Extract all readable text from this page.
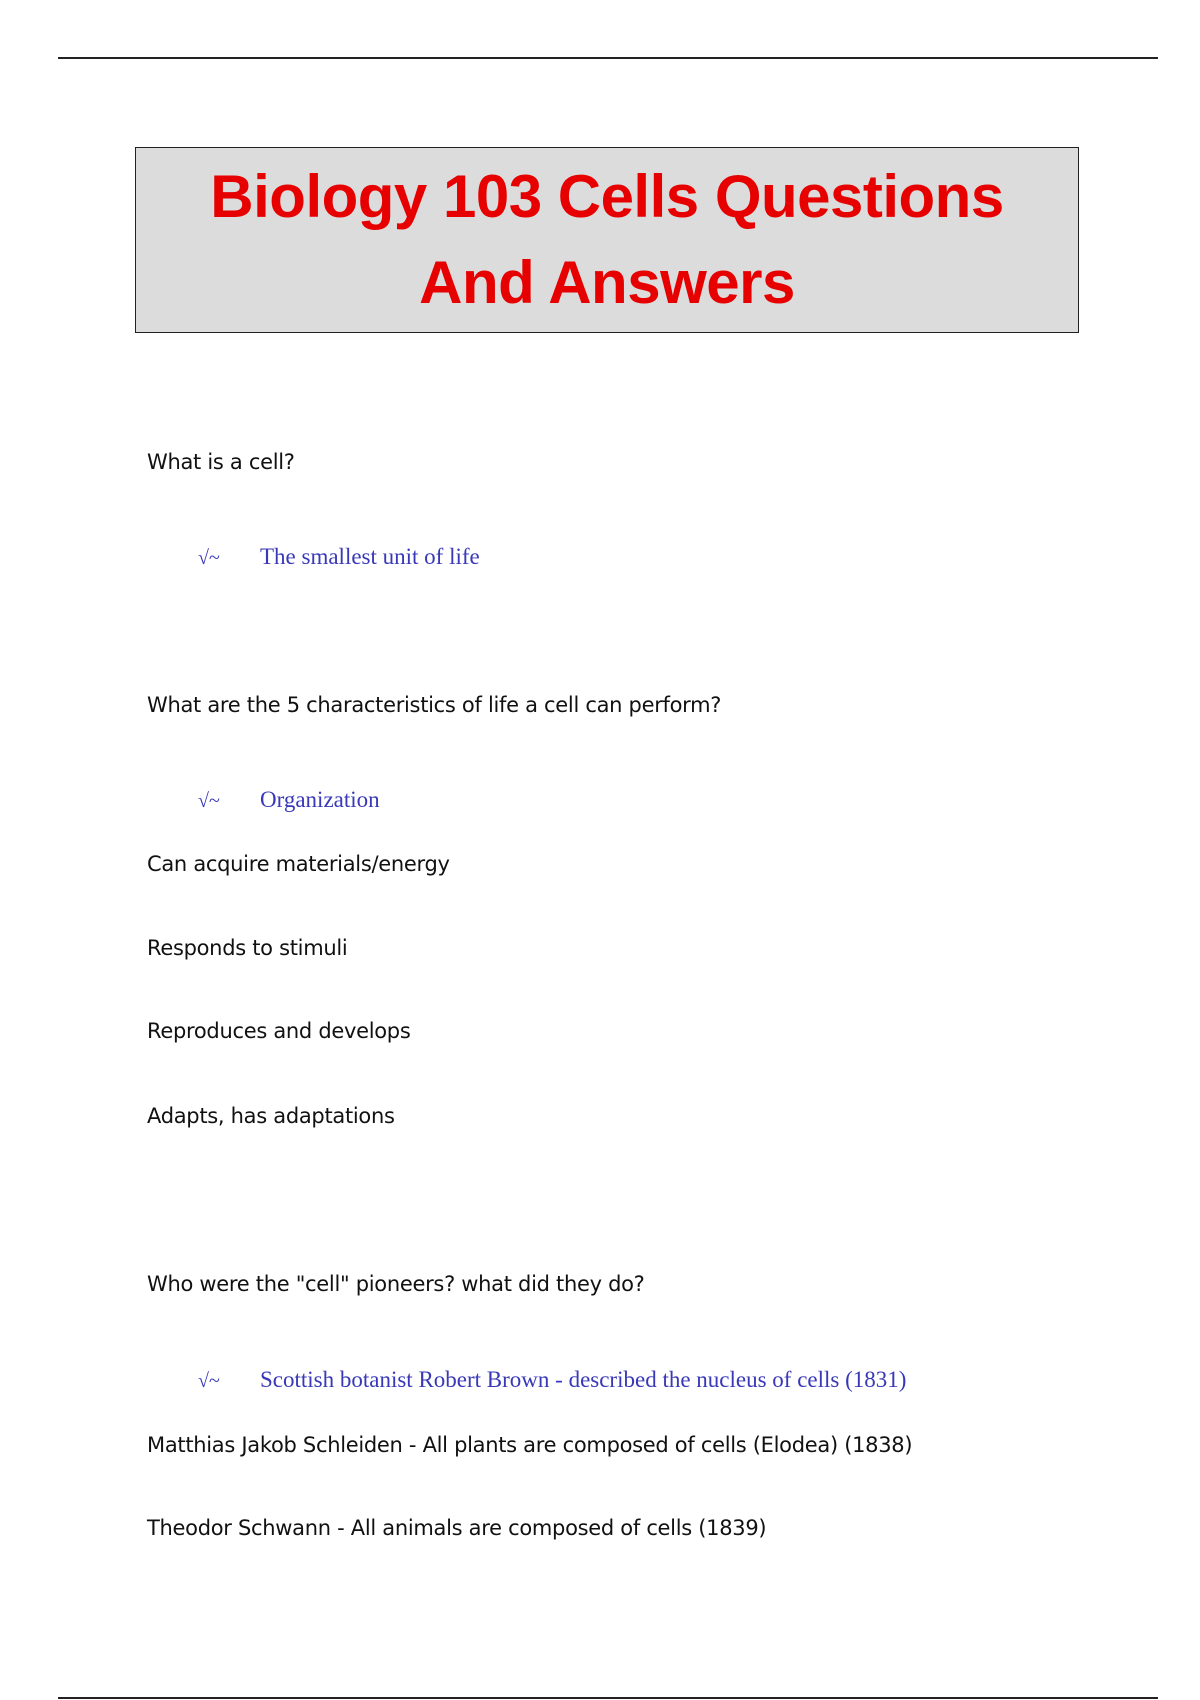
Biology 103 Cells Questions
And Answers
What is a cell?
√~ The smallest unit of life
What are the 5 characteristics of life a cell can perform?
√~ Organization
Can acquire materials/energy
Responds to stimuli
Reproduces and develops
Adapts, has adaptations
Who were the "cell" pioneers? what did they do?
√~ Scottish botanist Robert Brown - described the nucleus of cells (1831)
Matthias Jakob Schleiden - All plants are composed of cells (Elodea) (1838)
Theodor Schwann - All animals are composed of cells (1839)
